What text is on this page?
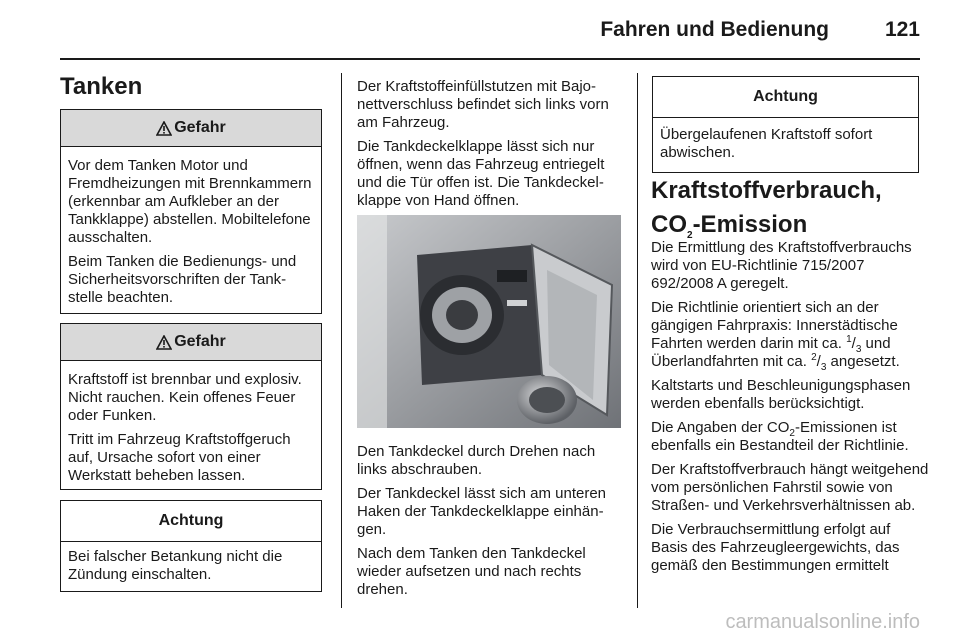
Fahren und Bedienung	121
Tanken
Gefahr

Vor dem Tanken Motor und Fremdheizungen mit Brennkammern (erkennbar am Aufkleber an der Tankklappe) abstellen. Mobiltelefone ausschalten.

Beim Tanken die Bedienungs- und Sicherheitsvorschriften der Tankstelle beachten.

Gefahr

Kraftstoff ist brennbar und explosiv. Nicht rauchen. Kein offenes Feuer oder Funken.

Tritt im Fahrzeug Kraftstoffgeruch auf, Ursache sofort von einer Werkstatt beheben lassen.

Achtung

Bei falscher Betankung nicht die Zündung einschalten.

Der Kraftstoffeinfüllstutzen mit Bajonettverschluss befindet sich links vorn am Fahrzeug.

Die Tankdeckelklappe lässt sich nur öffnen, wenn das Fahrzeug entriegelt und die Tür offen ist. Die Tankdeckelklappe von Hand öffnen.

Den Tankdeckel durch Drehen nach links abschrauben.

Der Tankdeckel lässt sich am unteren Haken der Tankdeckelklappe einhängen.

Nach dem Tanken den Tankdeckel wieder aufsetzen und nach rechts drehen.

Achtung

Übergelaufenen Kraftstoff sofort abwischen.

Kraftstoffverbrauch, $CO_2$-Emission

Die Ermittlung des Kraftstoffverbrauchs wird von EU-Richtlinie 715/2007 692/2008 A geregelt.

Die Richtlinie orientiert sich an der gängigen Fahrpraxis: Innerstädtische Fahrten werden darin mit ca. $^1/_3$ und Überlandfahrten mit ca. $^2/_3$ angesetzt.

Kaltstarts und Beschleunigungsphasen werden ebenfalls berücksichtigt.

Die Angaben der $CO_2$-Emissionen ist ebenfalls ein Bestandteil der Richtlinie.

Der Kraftstoffverbrauch hängt weitgehend vom persönlichen Fahrstil sowie von Straßen- und Verkehrsverhältnissen ab.

Die Verbrauchsermittlung erfolgt auf Basis des Fahrzeugleergewichts, das gemäß den Bestimmungen ermittelt

carmanualsonline.info
